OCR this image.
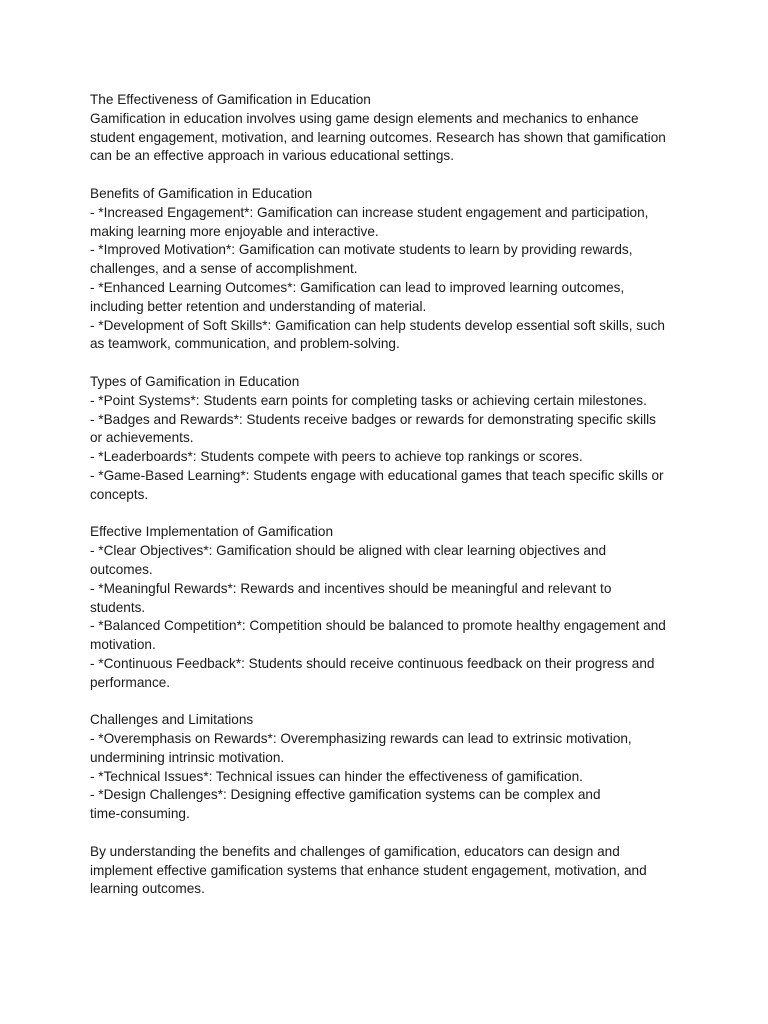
The Effectiveness of Gamification in Education
Gamification in education involves using game design elements and mechanics to enhance
student engagement, motivation, and learning outcomes. Research has shown that gamification
can be an effective approach in various educational settings.
Benefits of Gamification in Education
- *Increased Engagement*: Gamification can increase student engagement and participation,
making learning more enjoyable and interactive.
- *Improved Motivation*: Gamification can motivate students to learn by providing rewards,
challenges, and a sense of accomplishment.
- *Enhanced Learning Outcomes*: Gamification can lead to improved learning outcomes,
including better retention and understanding of material.
- *Development of Soft Skills*: Gamification can help students develop essential soft skills, such
as teamwork, communication, and problem-solving.
Types of Gamification in Education
- *Point Systems*: Students earn points for completing tasks or achieving certain milestones.
- *Badges and Rewards*: Students receive badges or rewards for demonstrating specific skills
or achievements.
- *Leaderboards*: Students compete with peers to achieve top rankings or scores.
- *Game-Based Learning*: Students engage with educational games that teach specific skills or
concepts.
Effective Implementation of Gamification
- *Clear Objectives*: Gamification should be aligned with clear learning objectives and
outcomes.
- *Meaningful Rewards*: Rewards and incentives should be meaningful and relevant to
students.
- *Balanced Competition*: Competition should be balanced to promote healthy engagement and
motivation.
- *Continuous Feedback*: Students should receive continuous feedback on their progress and
performance.
Challenges and Limitations
- *Overemphasis on Rewards*: Overemphasizing rewards can lead to extrinsic motivation,
undermining intrinsic motivation.
- *Technical Issues*: Technical issues can hinder the effectiveness of gamification.
- *Design Challenges*: Designing effective gamification systems can be complex and
time-consuming.
By understanding the benefits and challenges of gamification, educators can design and
implement effective gamification systems that enhance student engagement, motivation, and
learning outcomes.
